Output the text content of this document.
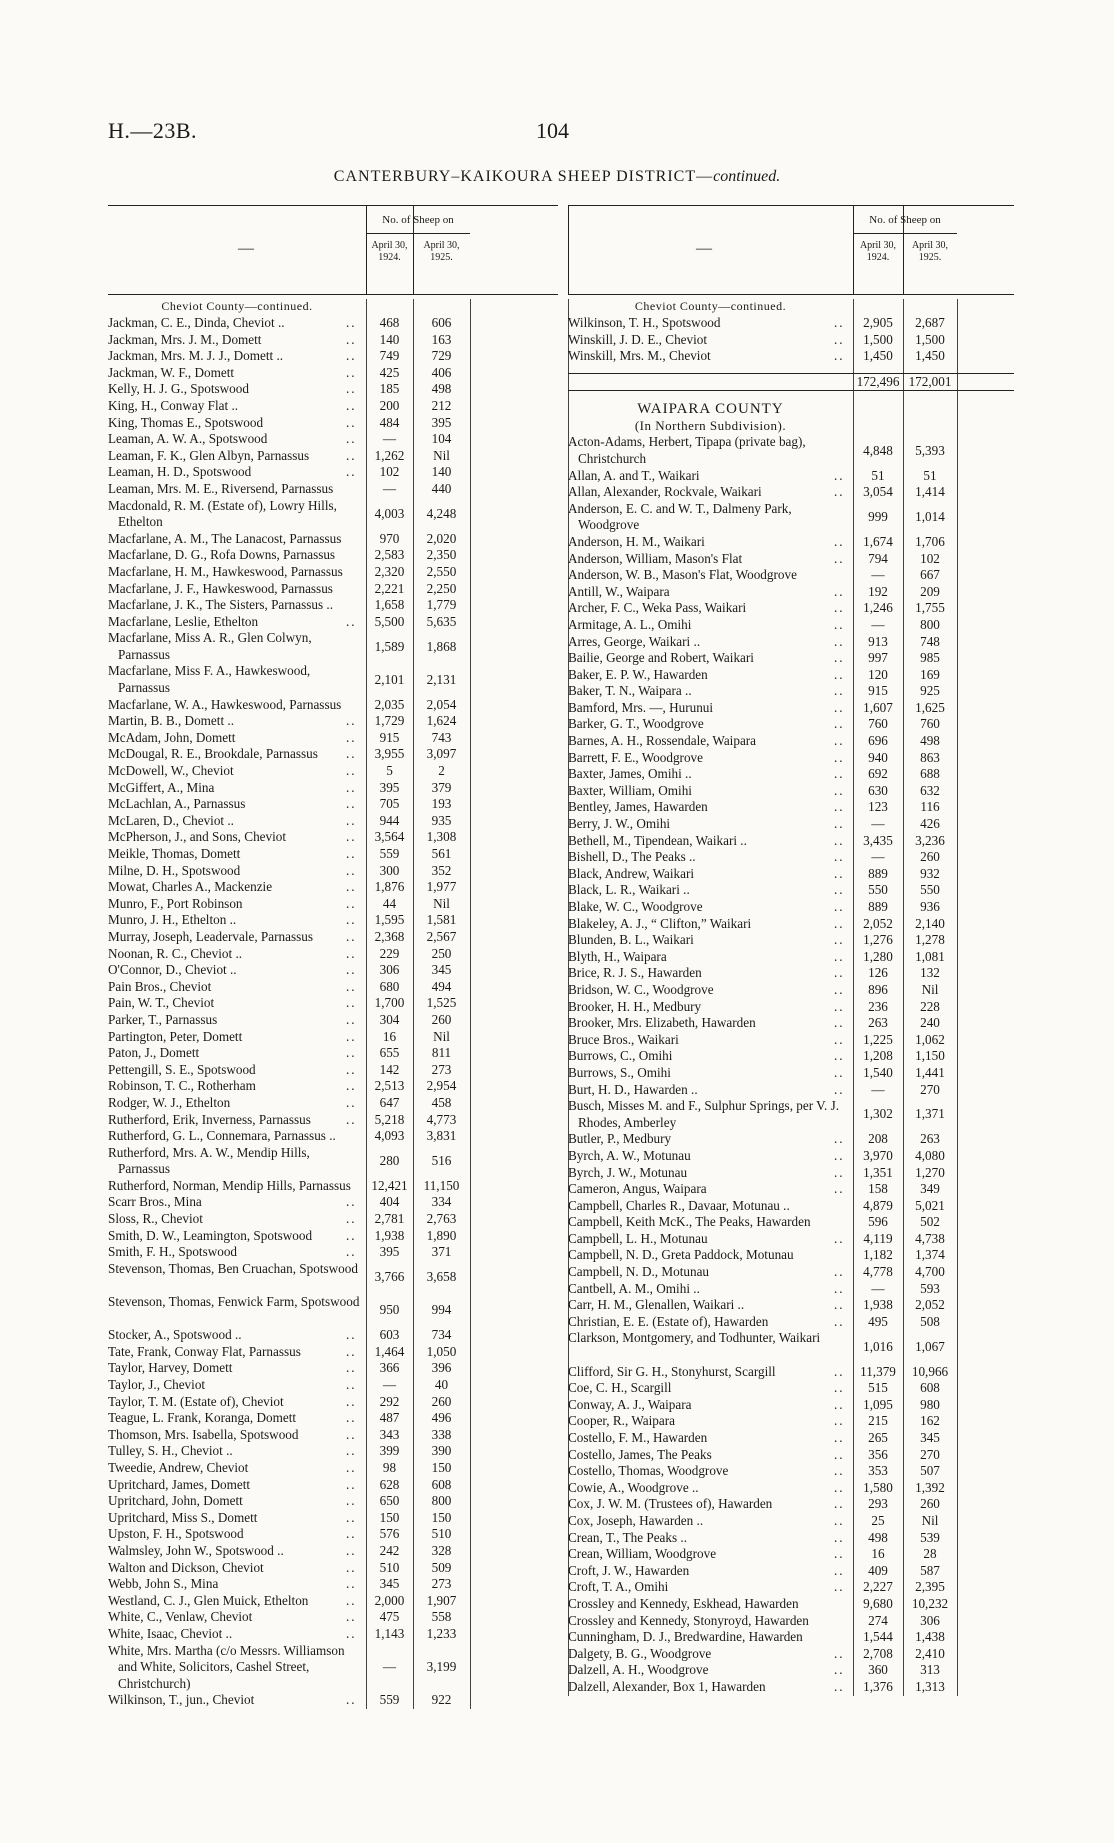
H.—23B.	104
CANTERBURY–KAIKOURA SHEEP DISTRICT—continued.
—
No. of Sheep on
April 30, 1924.
April 30, 1925.
Cheviot County—continued.
Jackman, C. E., Dinda, Cheviot ..	..	468	606
Jackman, Mrs. J. M., Domett	..	140	163
Jackman, Mrs. M. J. J., Domett ..	..	749	729
Jackman, W. F., Domett	..	425	406
Kelly, H. J. G., Spotswood	..	185	498
King, H., Conway Flat ..	..	200	212
King, Thomas E., Spotswood	..	484	395
Leaman, A. W. A., Spotswood	..	—	104
Leaman, F. K., Glen Albyn, Parnassus	..	1,262	Nil
Leaman, H. D., Spotswood	..	102	140
Leaman, Mrs. M. E., Riversend, Parnassus	—	440
Macdonald, R. M. (Estate of), Lowry Hills, Ethelton
4,003	4,248
Macfarlane, A. M., The Lanacost, Parnassus	970	2,020
Macfarlane, D. G., Rofa Downs, Parnassus	2,583	2,350
Macfarlane, H. M., Hawkeswood, Parnassus	2,320	2,550
Macfarlane, J. F., Hawkeswood, Parnassus	2,221	2,250
Macfarlane, J. K., The Sisters, Parnassus ..	1,658	1,779
Macfarlane, Leslie, Ethelton	..	5,500	5,635
Macfarlane, Miss A. R., Glen Colwyn, Parnassus
1,589	1,868
Macfarlane, Miss F. A., Hawkeswood, Parnassus
2,101	2,131
Macfarlane, W. A., Hawkeswood, Parnassus	2,035	2,054
Martin, B. B., Domett ..	..	1,729	1,624
McAdam, John, Domett	..	915	743
McDougal, R. E., Brookdale, Parnassus	..	3,955	3,097
McDowell, W., Cheviot	..	5	2
McGiffert, A., Mina	..	395	379
McLachlan, A., Parnassus	..	705	193
McLaren, D., Cheviot ..	..	944	935
McPherson, J., and Sons, Cheviot	..	3,564	1,308
Meikle, Thomas, Domett	..	559	561
Milne, D. H., Spotswood	..	300	352
Mowat, Charles A., Mackenzie	..	1,876	1,977
Munro, F., Port Robinson	..	44	Nil
Munro, J. H., Ethelton ..	..	1,595	1,581
Murray, Joseph, Leadervale, Parnassus	..	2,368	2,567
Noonan, R. C., Cheviot ..	..	229	250
O'Connor, D., Cheviot ..	..	306	345
Pain Bros., Cheviot	..	680	494
Pain, W. T., Cheviot	..	1,700	1,525
Parker, T., Parnassus	..	304	260
Partington, Peter, Domett	..	16	Nil
Paton, J., Domett	..	655	811
Pettengill, S. E., Spotswood	..	142	273
Robinson, T. C., Rotherham	..	2,513	2,954
Rodger, W. J., Ethelton	..	647	458
Rutherford, Erik, Inverness, Parnassus	..	5,218	4,773
Rutherford, G. L., Connemara, Parnassus ..	4,093	3,831
Rutherford, Mrs. A. W., Mendip Hills, Parnassus
280	516
Rutherford, Norman, Mendip Hills, Parnassus	12,421	11,150
Scarr Bros., Mina	..	404	334
Sloss, R., Cheviot	..	2,781	2,763
Smith, D. W., Leamington, Spotswood	..	1,938	1,890
Smith, F. H., Spotswood	..	395	371
Stevenson, Thomas, Ben Cruachan, Spotswood
3,766	3,658
Stevenson, Thomas, Fenwick Farm, Spotswood
950	994
Stocker, A., Spotswood ..	..	603	734
Tate, Frank, Conway Flat, Parnassus	..	1,464	1,050
Taylor, Harvey, Domett	..	366	396
Taylor, J., Cheviot	..	—	40
Taylor, T. M. (Estate of), Cheviot	..	292	260
Teague, L. Frank, Koranga, Domett	..	487	496
Thomson, Mrs. Isabella, Spotswood	..	343	338
Tulley, S. H., Cheviot ..	..	399	390
Tweedie, Andrew, Cheviot	..	98	150
Upritchard, James, Domett	..	628	608
Upritchard, John, Domett	..	650	800
Upritchard, Miss S., Domett	..	150	150
Upston, F. H., Spotswood	..	576	510
Walmsley, John W., Spotswood ..	..	242	328
Walton and Dickson, Cheviot	..	510	509
Webb, John S., Mina	..	345	273
Westland, C. J., Glen Muick, Ethelton	..	2,000	1,907
White, C., Venlaw, Cheviot	..	475	558
White, Isaac, Cheviot ..	..	1,143	1,233
White, Mrs. Martha (c/o Messrs. Williamson and White, Solicitors, Cashel Street, Christchurch)
—	3,199
Wilkinson, T., jun., Cheviot	..	559	922
—
No. of Sheep on
April 30, 1924.
April 30, 1925.
Cheviot County—continued.
Wilkinson, T. H., Spotswood	..	2,905	2,687
Winskill, J. D. E., Cheviot	..	1,500	1,500
Winskill, Mrs. M., Cheviot	..	1,450	1,450
172,496 172,001
WAIPARA COUNTY
(In Northern Subdivision).
Acton-Adams, Herbert, Tipapa (private bag), Christchurch
4,848	5,393
Allan, A. and T., Waikari	..	51	51
Allan, Alexander, Rockvale, Waikari	..	3,054	1,414
Anderson, E. C. and W. T., Dalmeny Park, Woodgrove
999	1,014
Anderson, H. M., Waikari	..	1,674	1,706
Anderson, William, Mason's Flat	..	794	102
Anderson, W. B., Mason's Flat, Woodgrove	—	667
Antill, W., Waipara	..	192	209
Archer, F. C., Weka Pass, Waikari	..	1,246	1,755
Armitage, A. L., Omihi	..	—	800
Arres, George, Waikari ..	..	913	748
Bailie, George and Robert, Waikari	..	997	985
Baker, E. P. W., Hawarden	..	120	169
Baker, T. N., Waipara ..	..	915	925
Bamford, Mrs. —, Hurunui	..	1,607	1,625
Barker, G. T., Woodgrove	..	760	760
Barnes, A. H., Rossendale, Waipara	..	696	498
Barrett, F. E., Woodgrove	..	940	863
Baxter, James, Omihi ..	..	692	688
Baxter, William, Omihi	..	630	632
Bentley, James, Hawarden	..	123	116
Berry, J. W., Omihi	..	—	426
Bethell, M., Tipendean, Waikari ..	..	3,435	3,236
Bishell, D., The Peaks ..	..	—	260
Black, Andrew, Waikari	..	889	932
Black, L. R., Waikari ..	..	550	550
Blake, W. C., Woodgrove	..	889	936
Blakeley, A. J., “ Clifton,” Waikari	..	2,052	2,140
Blunden, B. L., Waikari	..	1,276	1,278
Blyth, H., Waipara	..	1,280	1,081
Brice, R. J. S., Hawarden	..	126	132
Bridson, W. C., Woodgrove	..	896	Nil
Brooker, H. H., Medbury	..	236	228
Brooker, Mrs. Elizabeth, Hawarden	..	263	240
Bruce Bros., Waikari	..	1,225	1,062
Burrows, C., Omihi	..	1,208	1,150
Burrows, S., Omihi	..	1,540	1,441
Burt, H. D., Hawarden ..	..	—	270
Busch, Misses M. and F., Sulphur Springs, per V. J. Rhodes, Amberley
1,302	1,371
Butler, P., Medbury	..	208	263
Byrch, A. W., Motunau	..	3,970	4,080
Byrch, J. W., Motunau	..	1,351	1,270
Cameron, Angus, Waipara	..	158	349
Campbell, Charles R., Davaar, Motunau ..	4,879	5,021
Campbell, Keith McK., The Peaks, Hawarden	596	502
Campbell, L. H., Motunau	..	4,119	4,738
Campbell, N. D., Greta Paddock, Motunau	1,182	1,374
Campbell, N. D., Motunau	..	4,778	4,700
Cantbell, A. M., Omihi ..	..	—	593
Carr, H. M., Glenallen, Waikari ..	..	1,938	2,052
Christian, E. E. (Estate of), Hawarden	..	495	508
Clarkson, Montgomery, and Todhunter, Waikari
1,016	1,067
Clifford, Sir G. H., Stonyhurst, Scargill	..	11,379	10,966
Coe, C. H., Scargill	..	515	608
Conway, A. J., Waipara	..	1,095	980
Cooper, R., Waipara	..	215	162
Costello, F. M., Hawarden	..	265	345
Costello, James, The Peaks	..	356	270
Costello, Thomas, Woodgrove	..	353	507
Cowie, A., Woodgrove ..	..	1,580	1,392
Cox, J. W. M. (Trustees of), Hawarden	..	293	260
Cox, Joseph, Hawarden ..	..	25	Nil
Crean, T., The Peaks ..	..	498	539
Crean, William, Woodgrove	..	16	28
Croft, J. W., Hawarden	..	409	587
Croft, T. A., Omihi	..	2,227	2,395
Crossley and Kennedy, Eskhead, Hawarden	9,680	10,232
Crossley and Kennedy, Stonyroyd, Hawarden	274	306
Cunningham, D. J., Bredwardine, Hawarden	1,544	1,438
Dalgety, B. G., Woodgrove	..	2,708	2,410
Dalzell, A. H., Woodgrove	..	360	313
Dalzell, Alexander, Box 1, Hawarden	..	1,376	1,313
